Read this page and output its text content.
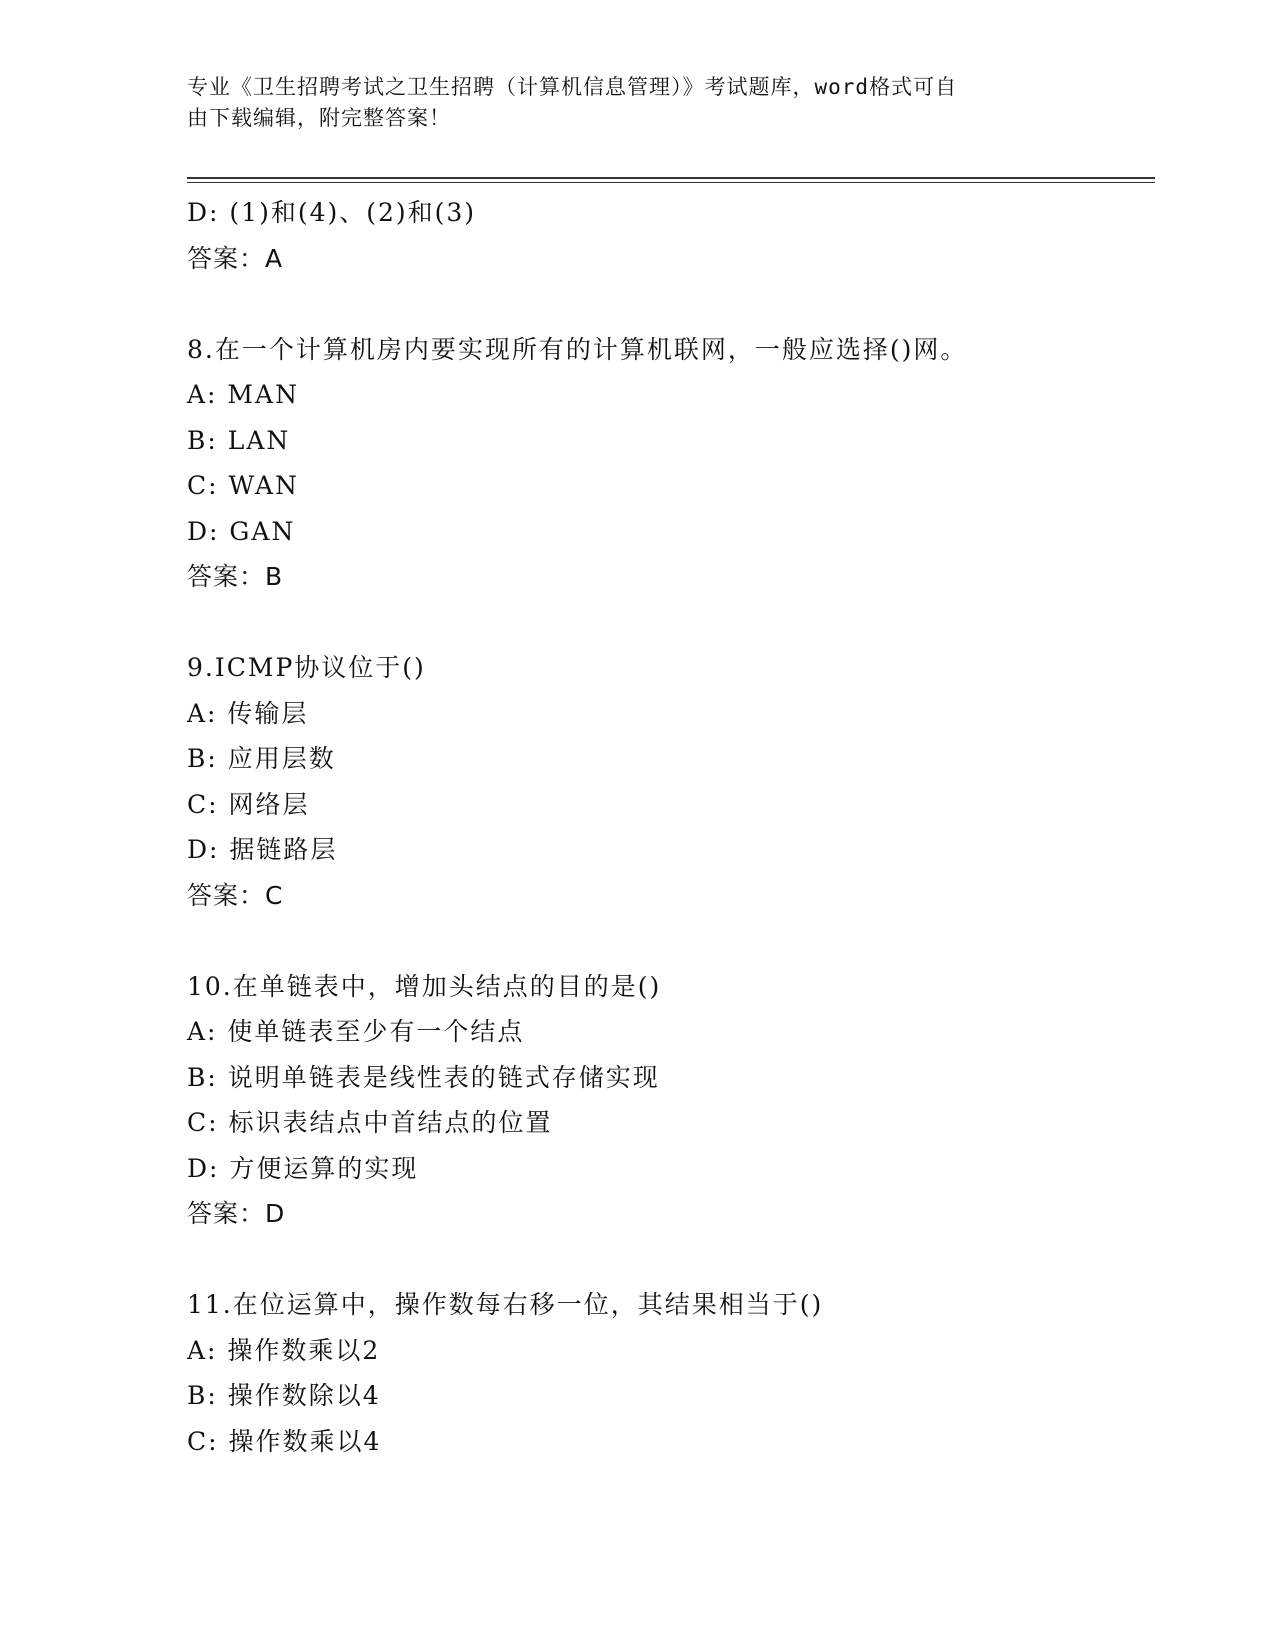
专业《卫生招聘考试之卫生招聘（计算机信息管理）》考试题库，word格式可自
由下载编辑，附完整答案！
D: (1)和(4)、(2)和(3)
答案：A
8.在一个计算机房内要实现所有的计算机联网，一般应选择()网。
A: MAN
B: LAN
C: WAN
D: GAN
答案：B
9.ICMP协议位于()
A: 传输层
B: 应用层数
C: 网络层
D: 据链路层
答案：C
10.在单链表中，增加头结点的目的是()
A: 使单链表至少有一个结点
B: 说明单链表是线性表的链式存储实现
C: 标识表结点中首结点的位置
D: 方便运算的实现
答案：D
11.在位运算中，操作数每右移一位，其结果相当于()
A: 操作数乘以2
B: 操作数除以4
C: 操作数乘以4
